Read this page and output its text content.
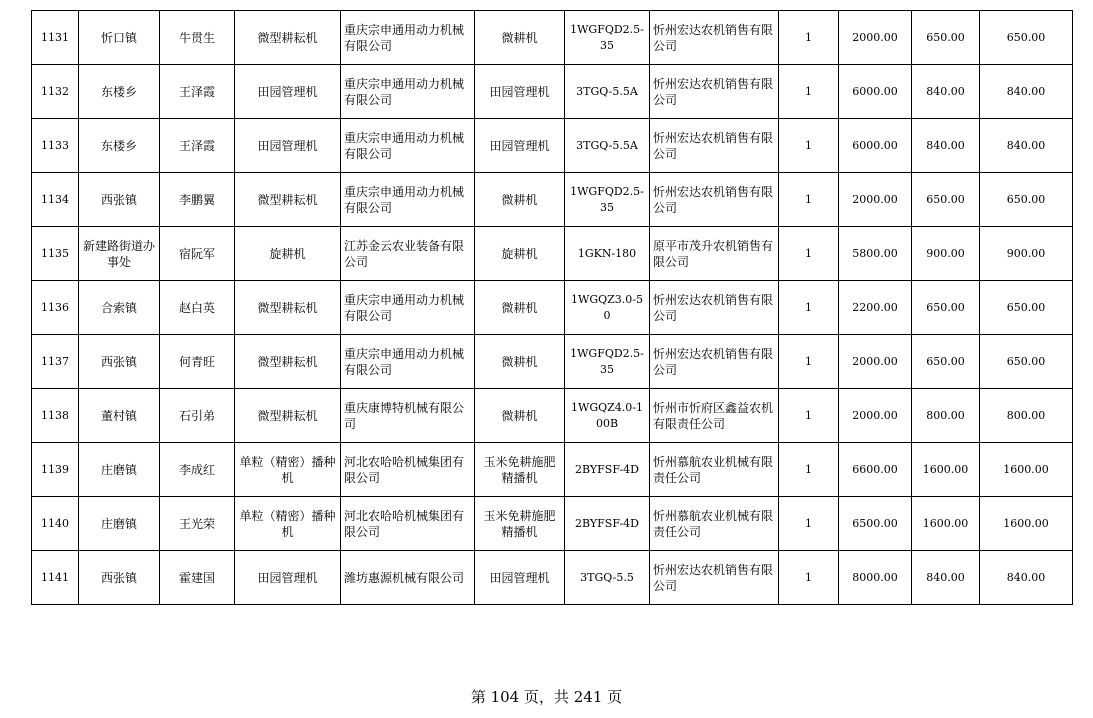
1131	忻口镇	牛贯生	微型耕耘机	重庆宗申通用动力机械有限公司	微耕机	1WGFQD2.5-35	忻州宏达农机销售有限公司	1	2000.00	650.00	650.00
1132	东楼乡	王泽霞	田园管理机	重庆宗申通用动力机械有限公司	田园管理机	3TGQ-5.5A	忻州宏达农机销售有限公司	1	6000.00	840.00	840.00
1133	东楼乡	王泽霞	田园管理机	重庆宗申通用动力机械有限公司	田园管理机	3TGQ-5.5A	忻州宏达农机销售有限公司	1	6000.00	840.00	840.00
1134	西张镇	李鹏翼	微型耕耘机	重庆宗申通用动力机械有限公司	微耕机	1WGFQD2.5-35	忻州宏达农机销售有限公司	1	2000.00	650.00	650.00
1135	新建路街道办事处	宿阮军	旋耕机	江苏金云农业装备有限公司	旋耕机	1GKN-180	原平市茂升农机销售有限公司	1	5800.00	900.00	900.00
1136	合索镇	赵白英	微型耕耘机	重庆宗申通用动力机械有限公司	微耕机	1WGQZ3.0-50	忻州宏达农机销售有限公司	1	2200.00	650.00	650.00
1137	西张镇	何青旺	微型耕耘机	重庆宗申通用动力机械有限公司	微耕机	1WGFQD2.5-35	忻州宏达农机销售有限公司	1	2000.00	650.00	650.00
1138	董村镇	石引弟	微型耕耘机	重庆康博特机械有限公司	微耕机	1WGQZ4.0-100B	忻州市忻府区鑫益农机有限责任公司	1	2000.00	800.00	800.00
1139	庄磨镇	李成红	单粒（精密）播种机	河北农哈哈机械集团有限公司	玉米免耕施肥精播机	2BYFSF-4D	忻州慕航农业机械有限责任公司	1	6600.00	1600.00	1600.00
1140	庄磨镇	王光荣	单粒（精密）播种机	河北农哈哈机械集团有限公司	玉米免耕施肥精播机	2BYFSF-4D	忻州慕航农业机械有限责任公司	1	6500.00	1600.00	1600.00
1141	西张镇	霍建国	田园管理机	潍坊惠源机械有限公司	田园管理机	3TGQ-5.5	忻州宏达农机销售有限公司	1	8000.00	840.00	840.00
第 104 页，共 241 页
